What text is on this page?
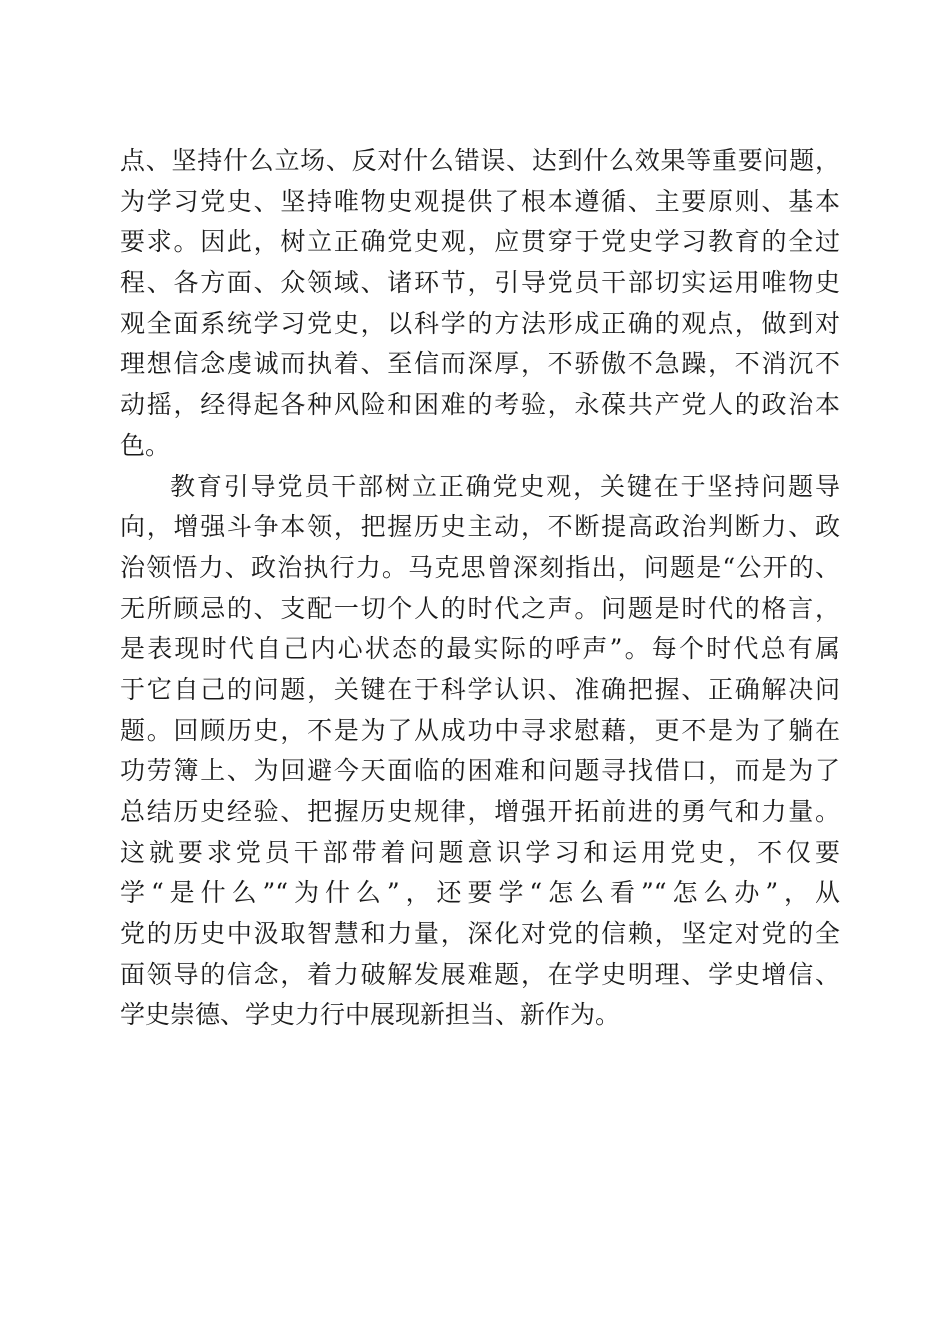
点、坚持什么立场、反对什么错误、达到什么效果等重要问题，
为学习党史、坚持唯物史观提供了根本遵循、主要原则、基本
要求。因此，树立正确党史观，应贯穿于党史学习教育的全过
程、各方面、众领域、诸环节，引导党员干部切实运用唯物史
观全面系统学习党史，以科学的方法形成正确的观点，做到对
理想信念虔诚而执着、至信而深厚，不骄傲不急躁，不消沉不
动摇，经得起各种风险和困难的考验，永葆共产党人的政治本
色。
教育引导党员干部树立正确党史观，关键在于坚持问题导
向，增强斗争本领，把握历史主动，不断提高政治判断力、政
治领悟力、政治执行力。马克思曾深刻指出，问题是“公开的、
无所顾忌的、支配一切个人的时代之声。问题是时代的格言，
是表现时代自己内心状态的最实际的呼声”。每个时代总有属
于它自己的问题，关键在于科学认识、准确把握、正确解决问
题。回顾历史，不是为了从成功中寻求慰藉，更不是为了躺在
功劳簿上、为回避今天面临的困难和问题寻找借口，而是为了
总结历史经验、把握历史规律，增强开拓前进的勇气和力量。
这就要求党员干部带着问题意识学习和运用党史，不仅要
学“是什么”“为什么”，还要学“怎么看”“怎么办”，从
党的历史中汲取智慧和力量，深化对党的信赖，坚定对党的全
面领导的信念，着力破解发展难题，在学史明理、学史增信、
学史崇德、学史力行中展现新担当、新作为。
